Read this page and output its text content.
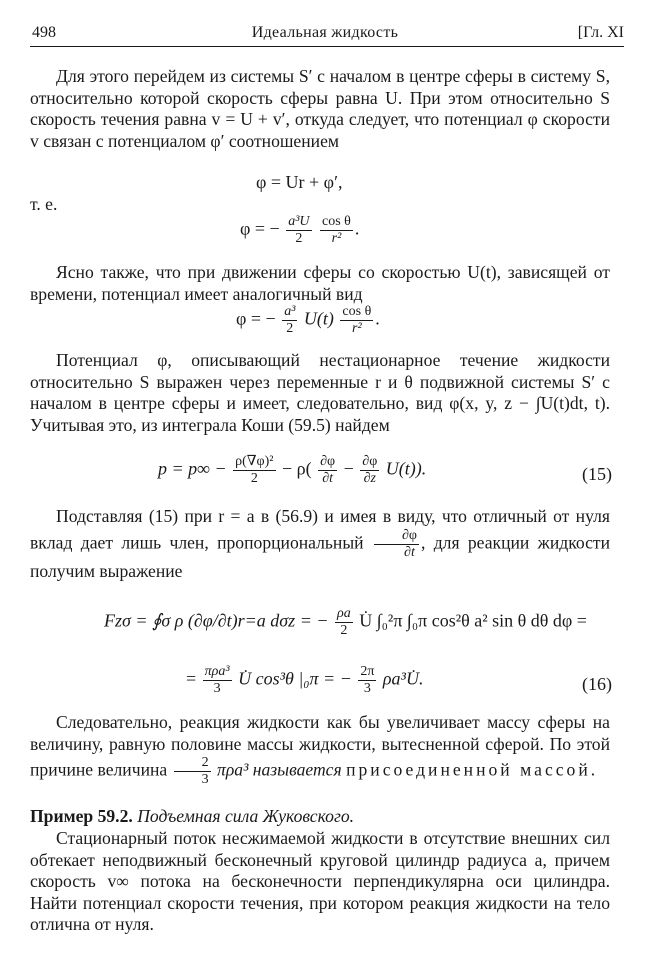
498	Идеальная жидкость	[Гл. XI

Для этого перейдем из системы S′ с началом в центре сферы в систему S, относительно которой скорость сферы равна U. При этом относительно S скорость течения равна v = U + v′, откуда следует, что потенциал φ скорости v связан с потенциалом φ′ соотношением

φ = Ur + φ′,
т. е.
φ = − $\frac{\text{a³U}}{2}$
$\frac{\text{cos θ}}{\text{r²}}$ .

Ясно также, что при движении сферы со скоростью U(t), зависящей от времени, потенциал имеет аналогичный вид

φ = − $\frac{\text{a³}}{2} U(t) \frac{\text{cos θ}}{\text{r²}}$ .

Потенциал φ, описывающий нестационарное течение жидкости относительно S выражен через переменные r и θ подвижной системы S′ с началом в центре сферы и имеет, следовательно, вид φ(x, y, z − ∫U(t)dt, t). Учитывая это, из интеграла Коши (59.5) найдем

$p = p\infty - \frac{\text{ρ(∇φ)²}}{2} - \rho( \frac{\partial\varphi}{\partial t} - \frac{\partial\varphi}{\partial z} U(t))$.	(15)

Подставляя (15) при r = a в (56.9) и имея в виду, что отличный от нуля вклад дает лишь член, пропорциональный $\frac{\partial\varphi}{\partial t}$ , для реакции жидкости получим выражение

Fzσ = ∮σ ρ (∂φ/∂t)r=a dσz = − $\frac{\rho a}{2}$ U̇ ∫₀²π ∫₀π cos²θ a² sin θ dθ dφ =
= $\frac{\text{πρa³}}{3}$ U̇ cos³θ |₀π = − $\frac{2\pi}{3}$ ρa³U̇.	(16)

Следовательно, реакция жидкости как бы увеличивает массу сферы на величину, равную половине массы жидкости, вытесненной сферой. По этой причине величина $\frac{2}{3} \pi\rho a^3$ называется присоединенной массой.

Пример 59.2. Подъемная сила Жуковского.

Стационарный поток несжимаемой жидкости в отсутствие внешних сил обтекает неподвижный бесконечный круговой цилиндр радиуса a, причем скорость v∞ потока на бесконечности перпендикулярна оси цилиндра. Найти потенциал скорости течения, при котором реакция жидкости на тело отлична от нуля.
